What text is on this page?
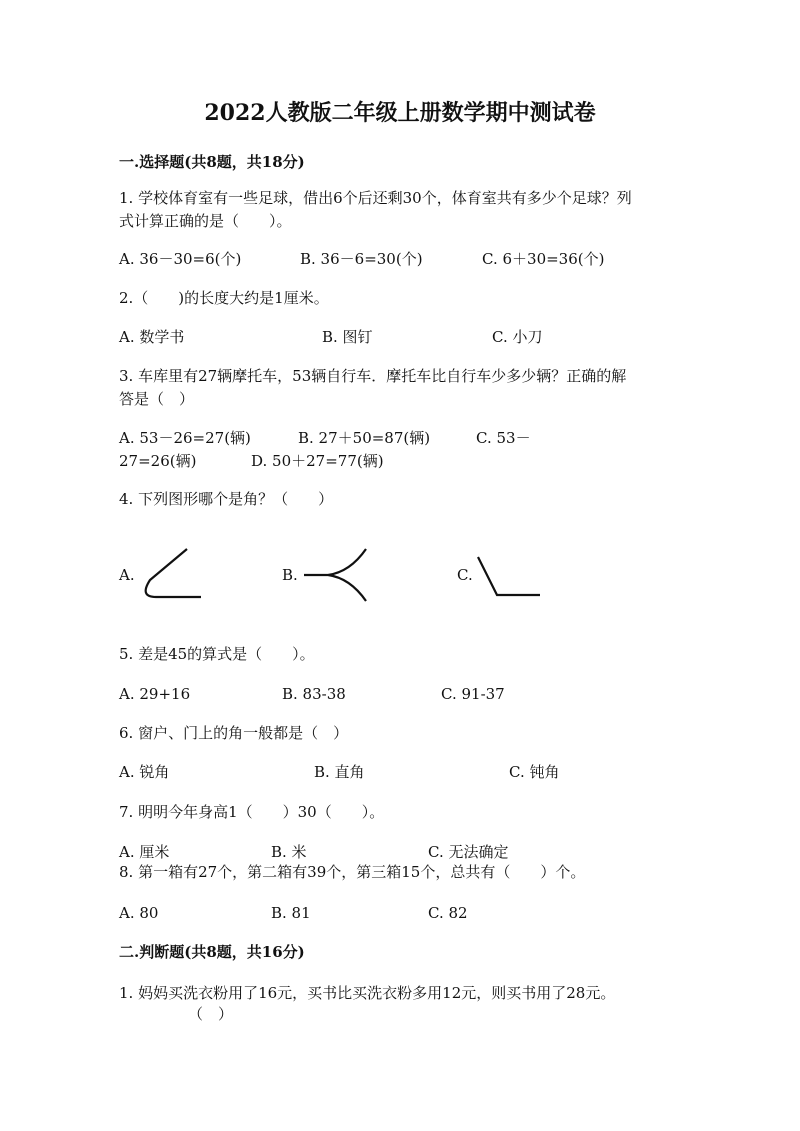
2022人教版二年级上册数学期中测试卷
一.选择题(共8题，共18分)
1. 学校体育室有一些足球，借出6个后还剩30个，体育室共有多少个足球？列
式计算正确的是（　　）。
A. 36－30=6(个)	B. 36－6=30(个)	C. 6＋30=36(个)
2.（　　)的长度大约是1厘米。
A. 数学书	B. 图钉	C. 小刀
3. 车库里有27辆摩托车，53辆自行车．摩托车比自行车少多少辆？正确的解
答是（　）
A. 53－26=27(辆)	B. 27＋50=87(辆)	C. 53－
27=26(辆)	D. 50＋27=77(辆)
4. 下列图形哪个是角？（　　）
A.	B.	C.
5. 差是45的算式是（　　）。
A. 29+16	B. 83-38	C. 91-37
6. 窗户、门上的角一般都是（　）
A. 锐角	B. 直角	C. 钝角
7. 明明今年身高1（　　）30（　　）。
A. 厘米	B. 米	C. 无法确定
8. 第一箱有27个，第二箱有39个，第三箱15个，总共有（　　）个。
A. 80	B. 81	C. 82
二.判断题(共8题，共16分)
1. 妈妈买洗衣粉用了16元，买书比买洗衣粉多用12元，则买书用了28元。
（　）
